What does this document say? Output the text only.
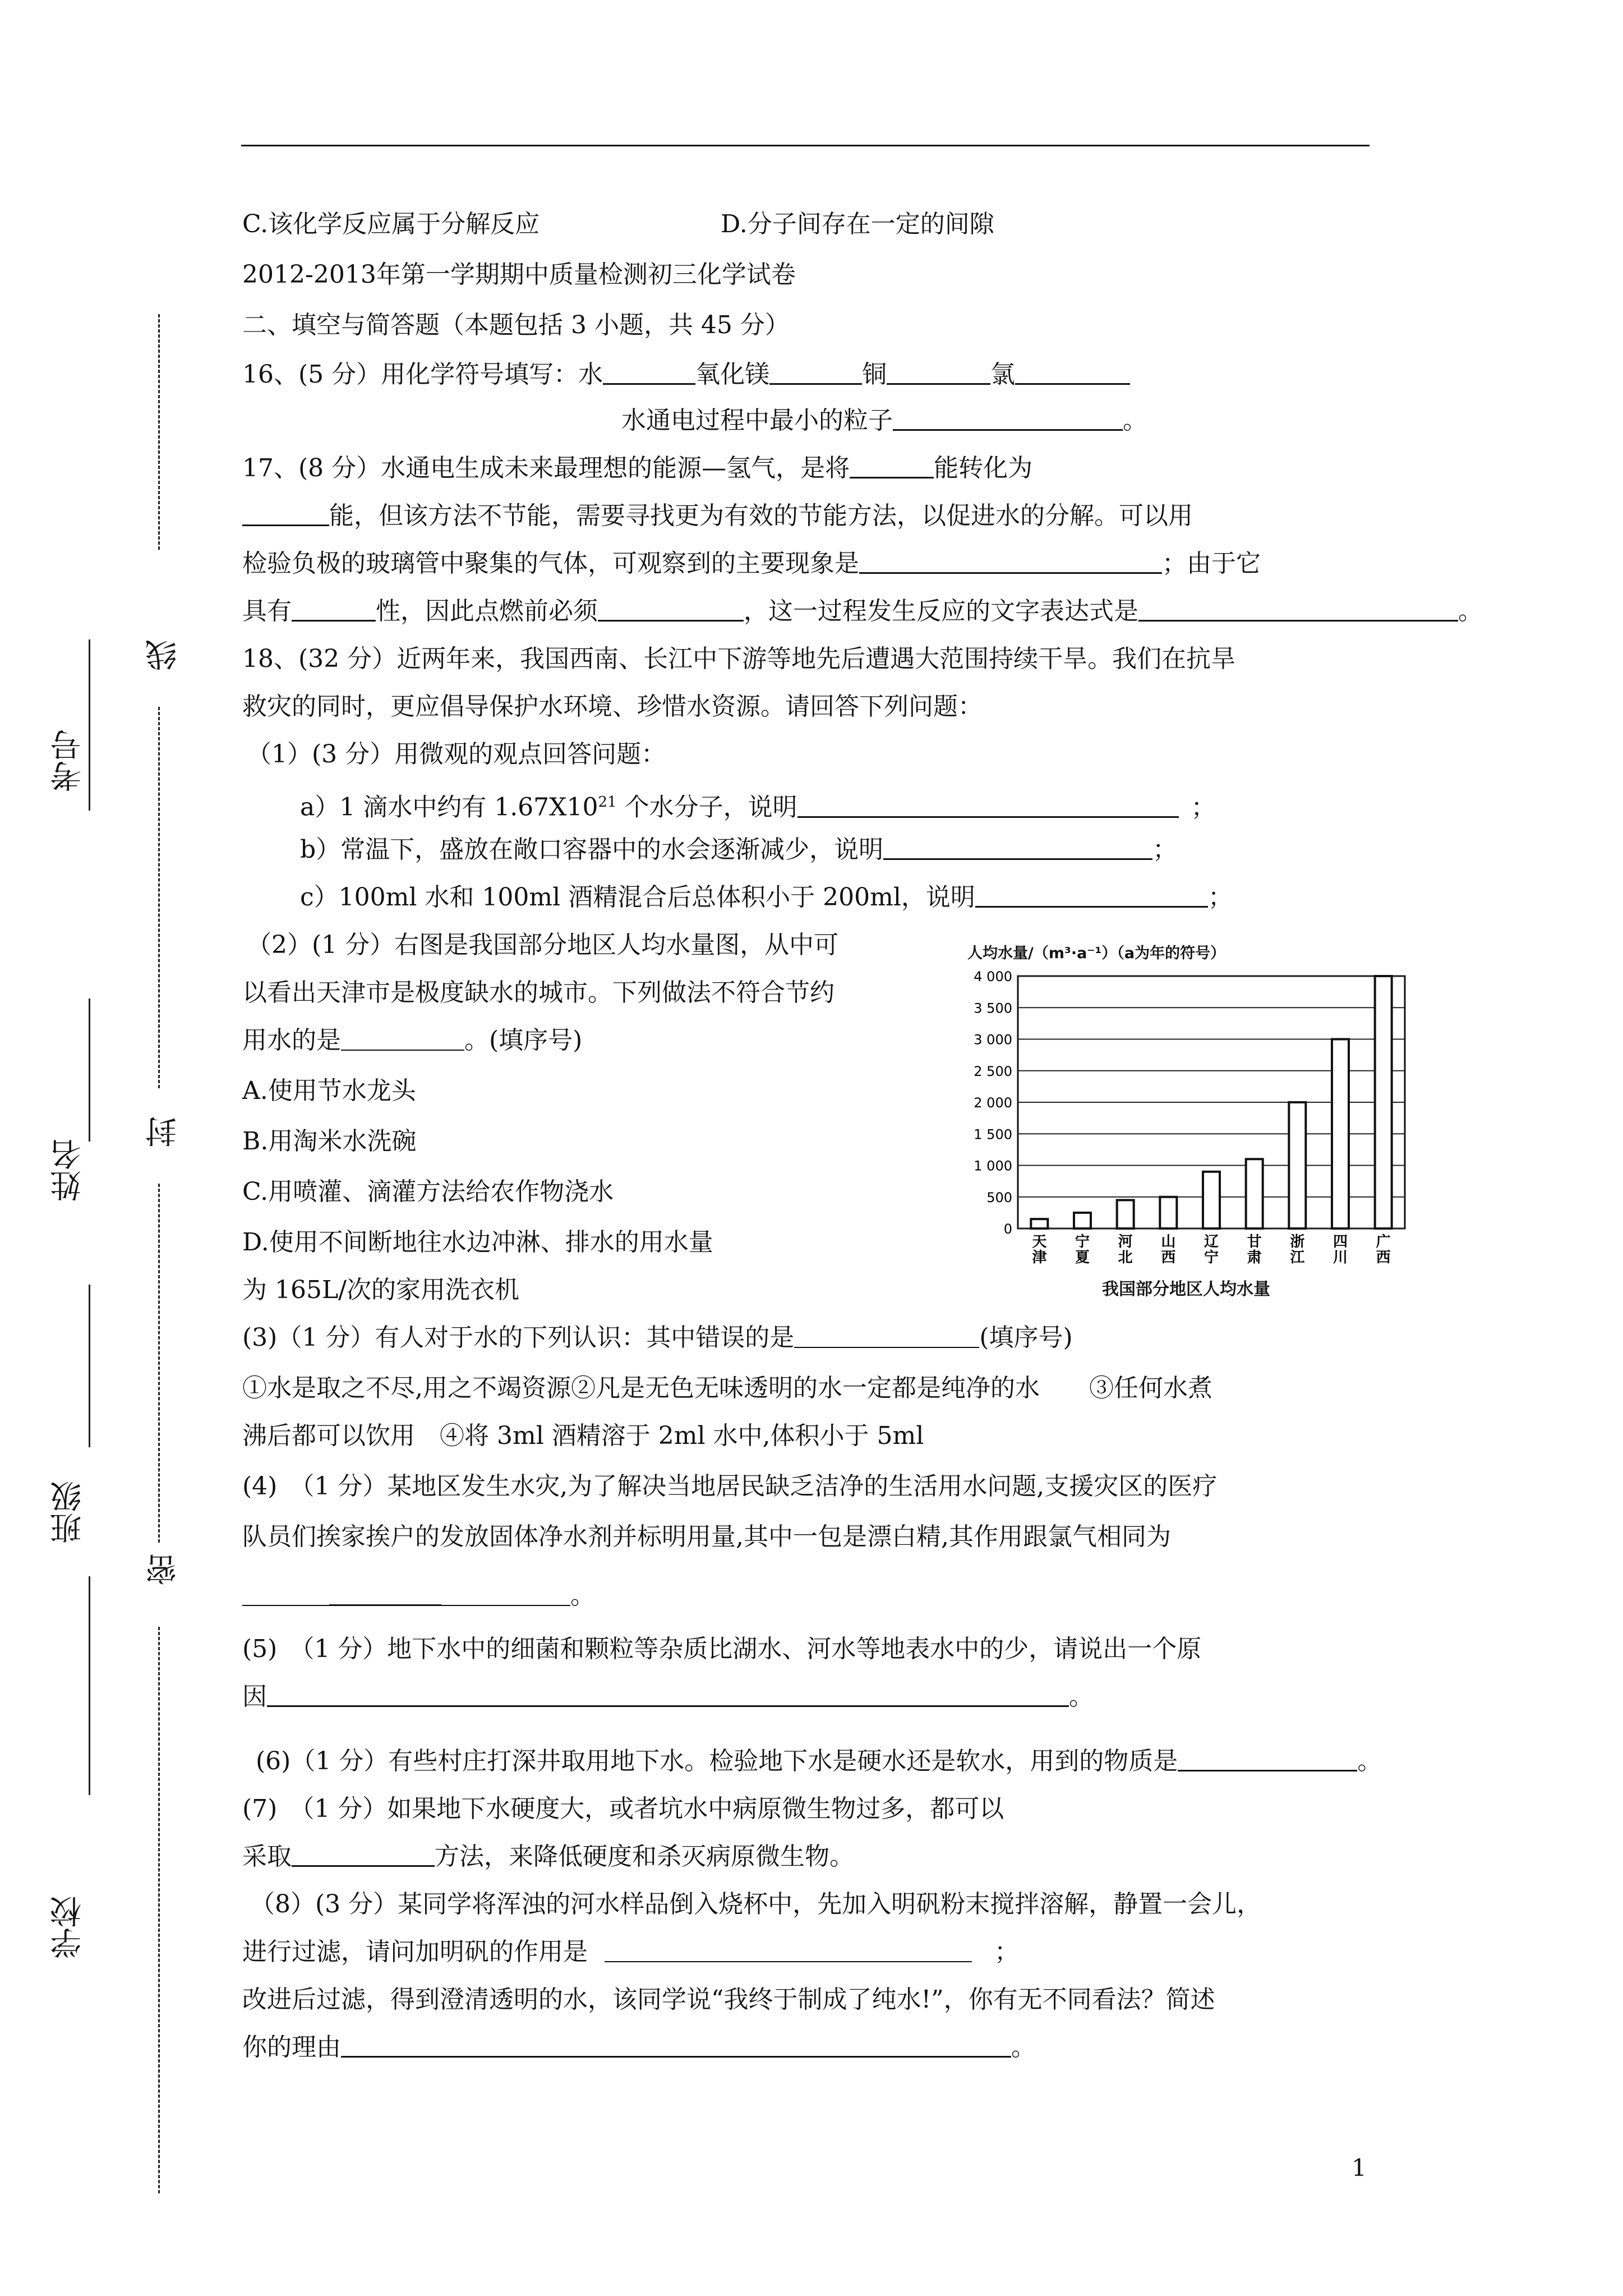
线
封
密
考号
姓名
班级
学校
C.该化学反应属于分解反应	D.分子间存在一定的间隙
2012-2013年第一学期期中质量检测初三化学试卷
二、填空与简答题（本题包括 3 小题，共 45 分）
16、(5 分）用化学符号填写：水	氧化镁	铜	氯
水通电过程中最小的粒子	。
17、(8 分）水通电生成未来最理想的能源—氢气，是将	能转化为
能，但该方法不节能，需要寻找更为有效的节能方法，以促进水的分解。可以用
检验负极的玻璃管中聚集的气体，可观察到的主要现象是	；由于它
具有	性，因此点燃前必须	，这一过程发生反应的文字表达式是	。
18、(32 分）近两年来，我国西南、长江中下游等地先后遭遇大范围持续干旱。我们在抗旱
救灾的同时，更应倡导保护水环境、珍惜水资源。请回答下列问题：
（1）(3 分）用微观的观点回答问题：
a）1 滴水中约有 $1.67X10^{21}$ 个水分子，说明	；
b）常温下，盛放在敞口容器中的水会逐渐减少，说明	；
c）100ml 水和 100ml 酒精混合后总体积小于 200ml，说明	；
（2）(1 分）右图是我国部分地区人均水量图，从中可
以看出天津市是极度缺水的城市。下列做法不符合节约
用水的是	。(填序号)
A.使用节水龙头
B.用淘米水洗碗
C.用喷灌、滴灌方法给农作物浇水
D.使用不间断地往水边冲淋、排水的用水量
为 165L/次的家用洗衣机
(3)（1 分）有人对于水的下列认识：其中错误的是	(填序号)
①水是取之不尽,用之不竭资源②凡是无色无味透明的水一定都是纯净的水　　③任何水煮
沸后都可以饮用　④将 3ml 酒精溶于 2ml 水中,体积小于 5ml
(4)　（1 分）某地区发生水灾,为了解决当地居民缺乏洁净的生活用水问题,支援灾区的医疗
队员们挨家挨户的发放固体净水剂并标明用量,其中一包是漂白精,其作用跟氯气相同为
。
(5)　（1 分）地下水中的细菌和颗粒等杂质比湖水、河水等地表水中的少，请说出一个原
因	。
(6)（1 分）有些村庄打深井取用地下水。检验地下水是硬水还是软水，用到的物质是	。
(7)　（1 分）如果地下水硬度大，或者坑水中病原微生物过多，都可以
采取	方法，来降低硬度和杀灭病原微生物。
（8）(3 分）某同学将浑浊的河水样品倒入烧杯中，先加入明矾粉末搅拌溶解，静置一会儿，
进行过滤，请问加明矾的作用是	；
改进后过滤，得到澄清透明的水，该同学说“我终于制成了纯水!”，你有无不同看法？简述
你的理由	。
人均水量/（m³·a⁻¹）（a为年的符号）
0
500
1 000
1 500
2 000
2 500
3 000
3 500
4 000
天
津
宁
夏
河
北
山
西
辽
宁
甘
肃
浙
江
四
川
广
西
我国部分地区人均水量
1
